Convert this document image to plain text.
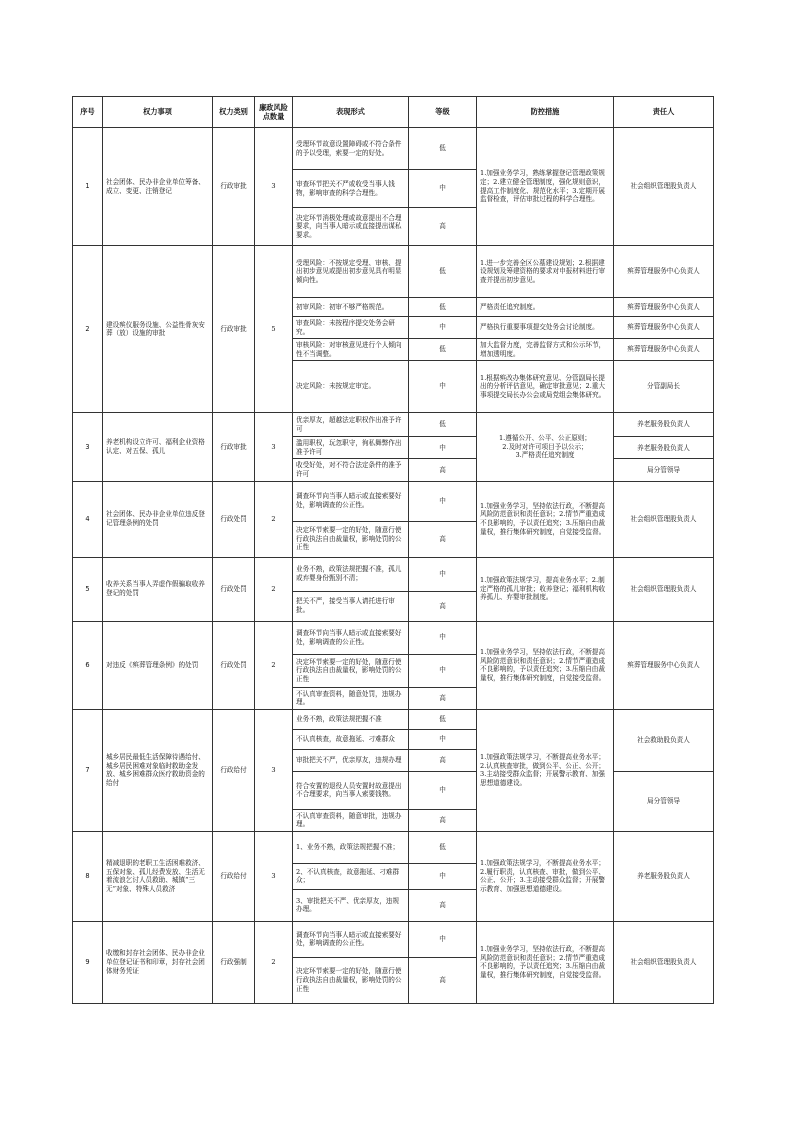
序号	权力事项	权力类别	廉政风险点数量	表现形式	等级	防控措施	责任人
1	社会团体、民办非企业单位筹备、成立、变更、注销登记	行政审批	3	受理环节故意设置障碍或不符合条件的予以受理，索要一定的好处。	低	1.加强业务学习，熟练掌握登记管理政策规定；2.建立健全管理制度，强化规则意识，提高工作制度化、规范化水平；3.定期开展监督检查，评估审批过程的科学合理性。	社会组织管理股负责人
				审查环节把关不严或收受当事人钱物，影响审查的科学合理性。	中		
				决定环节消极处理或故意提出不合理要求，向当事人暗示或直接提出谋私要求。	高		
2	建设殡仪服务设施、公益性骨灰安葬（放）设施的审批	行政审批	5	受理风险：不按规定受理、审核、提出初步意见或提出初步意见具有明显倾向性。	低	1.进一步完善全区公墓建设规划；2.根据建设规划及筹建资格的要求对申报材料进行审查并提出初步意见。	殡葬管理服务中心负责人
				初审风险：初审不够严格规范。	低	严格责任追究制度。	殡葬管理服务中心负责人
				审查风险：未按程序提交处务会研究。	中	严格执行重要事项提交处务会讨论制度。	殡葬管理服务中心负责人
				审核风险：对审核意见进行个人倾向性不当调整。	低	加大监督力度，完善监督方式和公示环节，增加透明度。	殡葬管理服务中心负责人
				决定风险：未按规定审定。	中	1.根据殡改办集体研究意见、分管副局长提出的分析评估意见，确定审批意见；2.重大事项提交局长办公会或局党组会集体研究。	分管副局长
3	养老机构设立许可、福利企业资格认定、对五保、孤儿	行政审批	3	优亲厚友，超越法定职权作出准予许可	低	1.遵循公开、公平、公正原则；
2.及时对许可项目予以公示；
3.严格责任追究制度	养老服务股负责人
				滥用职权，玩忽职守，徇私舞弊作出准予许可	中		养老服务股负责人
				收受好处，对不符合法定条件的准予许可	高		局分管领导
4	社会团体、民办非企业单位违反登记管理条例的处罚	行政处罚	2	调查环节向当事人暗示或直接索要好处，影响调查的公正性。	中	1.加强业务学习，坚持依法行政，不断提高风险防范意识和责任意识；2.情节严重造成不良影响的，予以责任追究；3.压缩自由裁量权，推行集体研究制度，自觉接受监督。	社会组织管理股负责人
				决定环节索要一定的好处，随意行使行政执法自由裁量权，影响处罚的公正性	高		
5	收养关系当事人弄虚作假骗取收养登记的处罚	行政处罚	2	业务不熟，政策法规把握不准，孤儿或弃婴身份甄别不清；	中	1.加强政策法规学习，提高业务水平；2.制定严格的孤儿审批；收养登记；福利机构收养孤儿、弃婴审批制度。	社会组织管理股负责人
				把关不严，接受当事人请托进行审批。	高		
6	对违反《殡葬管理条例》的处罚	行政处罚	2	调查环节向当事人暗示或直接索要好处，影响调查的公正性。	中	1.加强业务学习，坚持依法行政，不断提高风险防范意识和责任意识；2.情节严重造成不良影响的，予以责任追究；3.压缩自由裁量权，推行集体研究制度，自觉接受监督。	殡葬管理服务中心负责人
				决定环节索要一定的好处，随意行使行政执法自由裁量权，影响处罚的公正性	中		
				不认真审查资料，随意处罚，违规办理。	高		
7	城乡居民最低生活保障待遇给付、城乡居民困难对象临时救助金发放、城乡困难群众医疗救助资金的给付	行政给付	3	业务不熟，政策法规把握不准	低	1.加强政策法规学习，不断提高业务水平；2.认真核查审批，做到公平、公正、公开；3.主动接受群众监督；开展警示教育、加强思想道德建设。	社会救助股负责人
				不认真核查，故意拖延、刁难群众	中		
				审批把关不严，优亲厚友，违规办理	高		
				符合安置的退役人员安置时故意提出不合理要求，向当事人索要钱物。	中		局分管领导
				不认真审查资料，随意审批，违规办理。	高		
8	精减退职的老职工生活困难救济、五保对象、孤儿经费发放、生活无着流浪乞讨人员救助、城镇“三无”对象、特殊人员救济	行政给付	3	1、业务不熟，政策法规把握不准；	低	1.加强政策法规学习，不断提高业务水平；2.履行职责，认真核查、审批，做到公平、公正、公开；3.主动接受群众监督；开展警示教育、加强思想道德建设。	养老服务股负责人
				2、不认真核查，故意拖延、刁难群众；	中		
				3、审批把关不严、优亲厚友，违规办理。	高		
9	收缴和封存社会团体、民办非企业单位登记证书和印章，封存社会团体财务凭证	行政强制	2	调查环节向当事人暗示或直接索要好处，影响调查的公正性。	中	1.加强业务学习，坚持依法行政，不断提高风险防范意识和责任意识；2.情节严重造成不良影响的，予以责任追究；3.压缩自由裁量权，推行集体研究制度，自觉接受监督。	社会组织管理股负责人
				决定环节索要一定的好处，随意行使行政执法自由裁量权，影响处罚的公正性	高		
